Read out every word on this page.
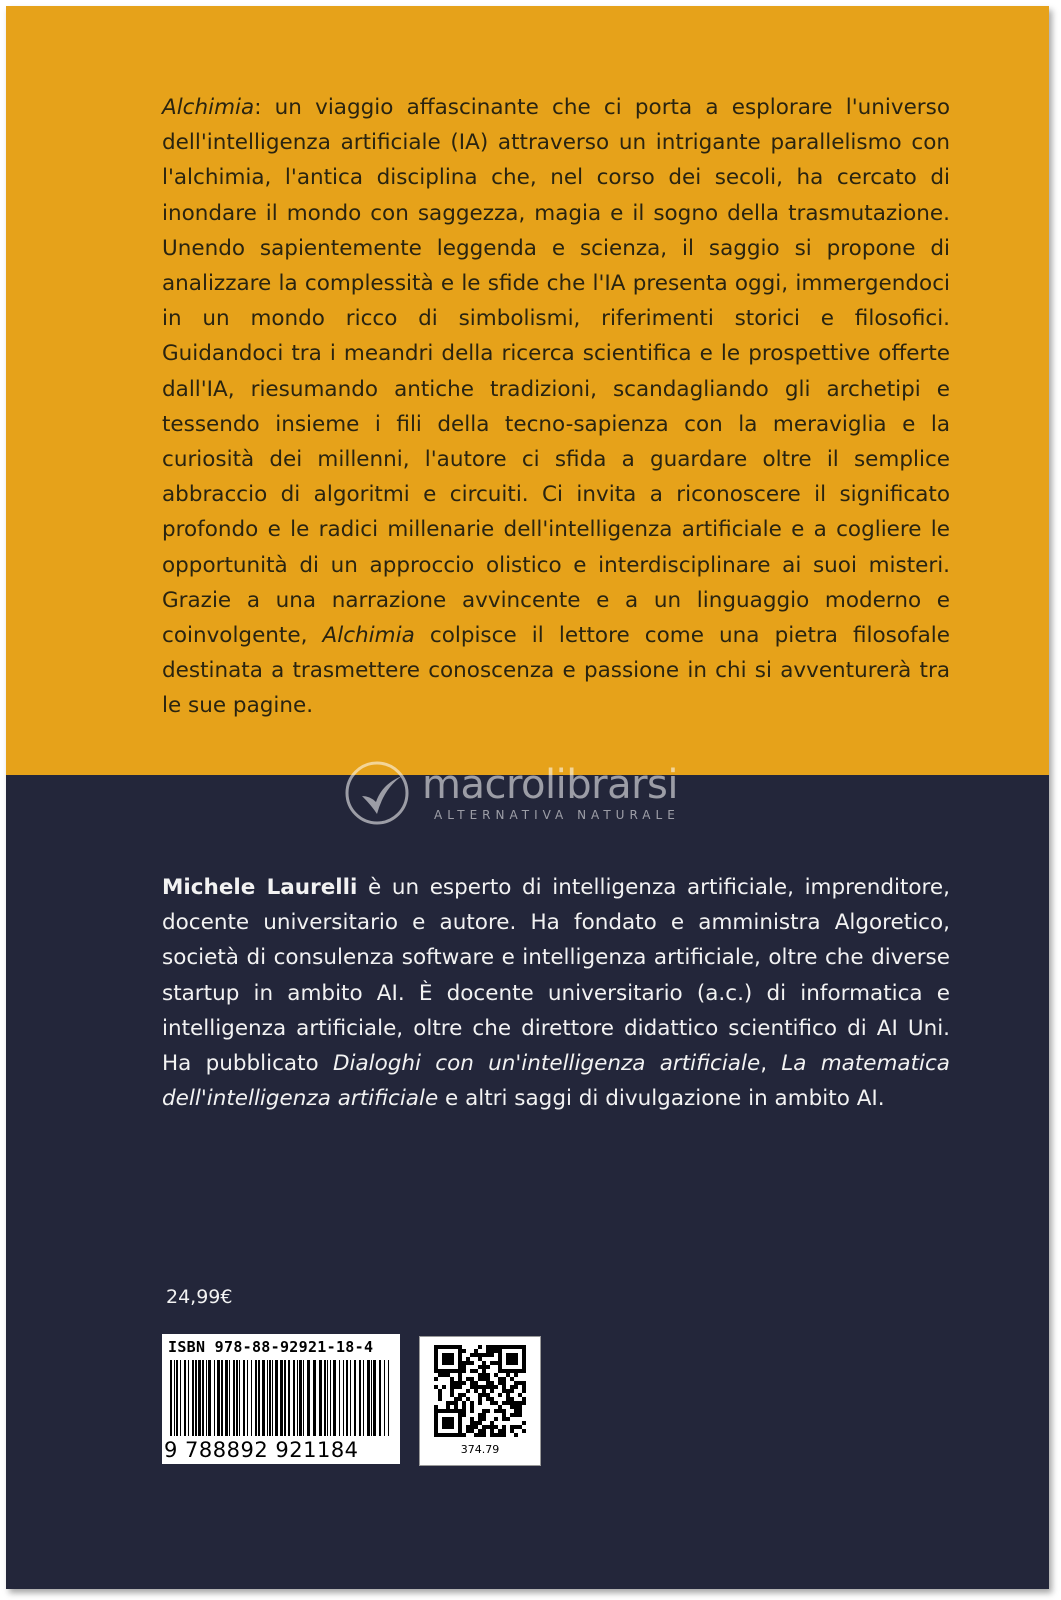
Alchimia: un viaggio affascinante che ci porta a esplorare l'universo dell'intelligenza artificiale (IA) attraverso un intrigante parallelismo con l'alchimia, l'antica disciplina che, nel corso dei secoli, ha cercato di inondare il mondo con saggezza, magia e il sogno della trasmutazione. Unendo sapientemente leggenda e scienza, il saggio si propone di analizzare la complessità e le sfide che l'IA presenta oggi, immergendoci in un mondo ricco di simbolismi, riferimenti storici e filosofici. Guidandoci tra i meandri della ricerca scientifica e le prospettive offerte dall'IA, riesumando antiche tradizioni, scandagliando gli archetipi e tessendo insieme i fili della tecno-sapienza con la meraviglia e la curiosità dei millenni, l'autore ci sfida a guardare oltre il semplice abbraccio di algoritmi e circuiti. Ci invita a riconoscere il significato profondo e le radici millenarie dell'intelligenza artificiale e a cogliere le opportunità di un approccio olistico e interdisciplinare ai suoi misteri. Grazie a una narrazione avvincente e a un linguaggio moderno e coinvolgente, Alchimia colpisce il lettore come una pietra filosofale destinata a trasmettere conoscenza e passione in chi si avventurerà tra le sue pagine.

Michele Laurelli è un esperto di intelligenza artificiale, imprenditore, docente universitario e autore. Ha fondato e amministra Algoretico, società di consulenza software e intelligenza artificiale, oltre che diverse startup in ambito AI. È docente universitario (a.c.) di informatica e intelligenza artificiale, oltre che direttore didattico scientifico di AI Uni. Ha pubblicato Dialoghi con un'intelligenza artificiale, La matematica dell'intelligenza artificiale e altri saggi di divulgazione in ambito AI.

macrolibrarsi
ALTERNATIVA NATURALE
24,99€
ISBN 978-88-92921-18-4
9 788892 921184	374.79
